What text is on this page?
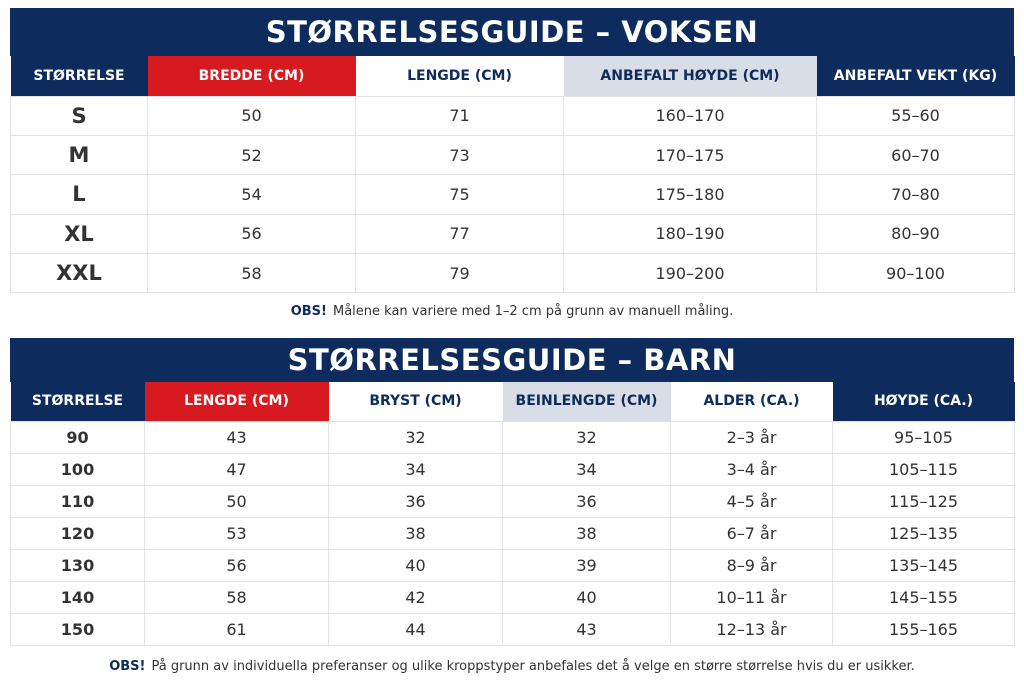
STØRRELSESGUIDE – VOKSEN
STØRRELSE	BREDDE (CM)	LENGDE (CM)	ANBEFALT HØYDE (CM)	ANBEFALT VEKT (KG)
S	50	71	160–170	55–60
M	52	73	170–175	60–70
L	54	75	175–180	70–80
XL	56	77	180–190	80–90
XXL	58	79	190–200	90–100
OBS! Målene kan variere med 1–2 cm på grunn av manuell måling.
STØRRELSESGUIDE – BARN
STØRRELSE	LENGDE (CM)	BRYST (CM)	BEINLENGDE (CM)	ALDER (CA.)	HØYDE (CA.)
90	43	32	32	2–3 år	95–105
100	47	34	34	3–4 år	105–115
110	50	36	36	4–5 år	115–125
120	53	38	38	6–7 år	125–135
130	56	40	39	8–9 år	135–145
140	58	42	40	10–11 år	145–155
150	61	44	43	12–13 år	155–165
OBS! På grunn av individuella preferanser og ulike kroppstyper anbefales det å velge en større størrelse hvis du er usikker.
